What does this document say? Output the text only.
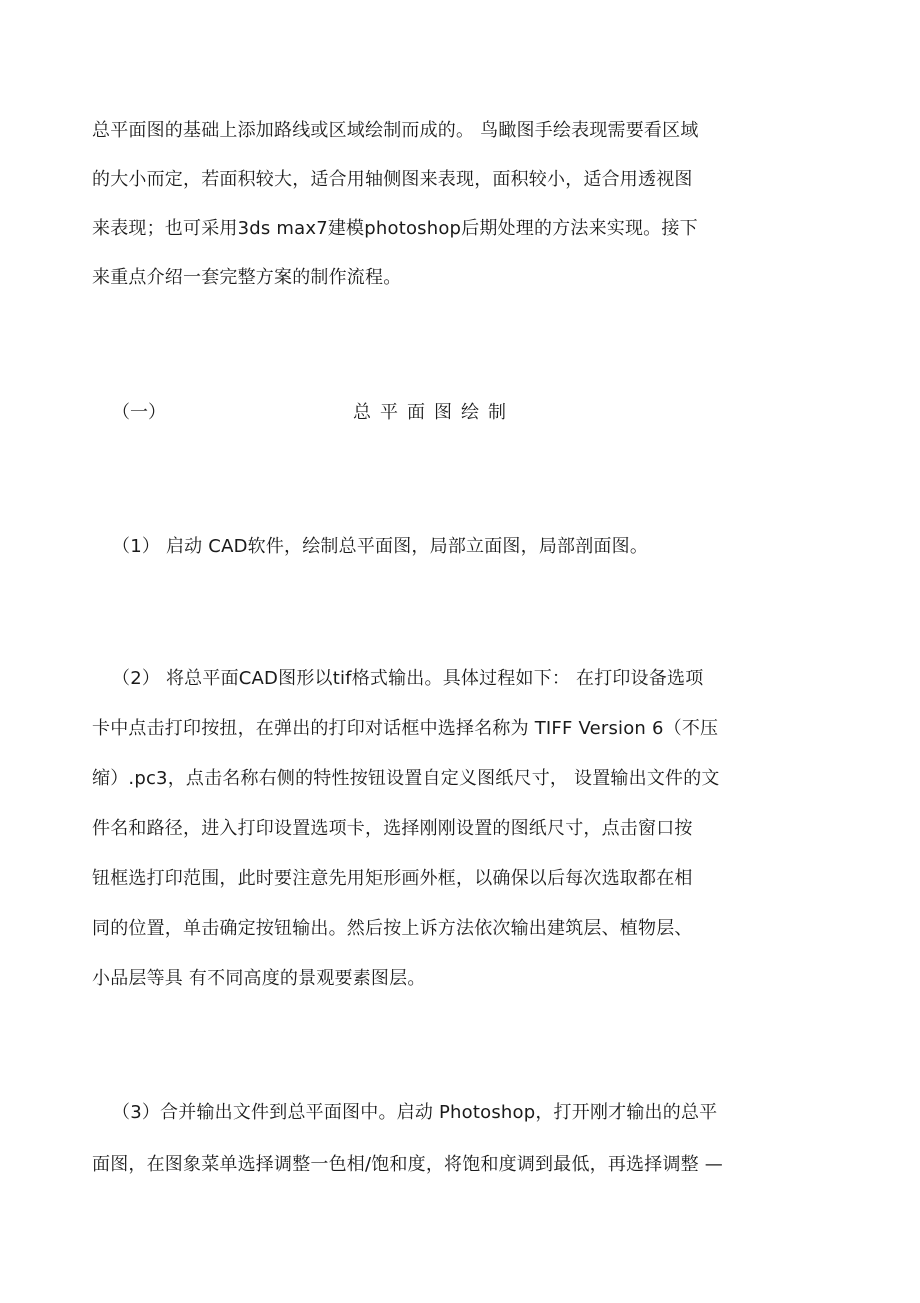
总平面图的基础上添加路线或区域绘制而成的。 鸟瞰图手绘表现需要看区域
的大小而定，若面积较大，适合用轴侧图来表现，面积较小，适合用透视图
来表现；也可采用3ds max7建模photoshop后期处理的方法来实现。接下
来重点介绍一套完整方案的制作流程。
（一）	总平面图绘制
（1） 启动 CAD软件，绘制总平面图，局部立面图，局部剖面图。
（2） 将总平面CAD图形以tif格式输出。具体过程如下： 在打印设备选项
卡中点击打印按扭，在弹出的打印对话框中选择名称为 TIFF Version 6（不压
缩）.pc3，点击名称右侧的特性按钮设置自定义图纸尺寸， 设置输出文件的文
件名和路径，进入打印设置选项卡，选择刚刚设置的图纸尺寸，点击窗口按
钮框选打印范围，此时要注意先用矩形画外框，以确保以后每次选取都在相
同的位置，单击确定按钮输出。然后按上诉方法依次输出建筑层、植物层、
小品层等具 有不同高度的景观要素图层。
（3）合并输出文件到总平面图中。启动 Photoshop，打开刚才输出的总平
面图，在图象菜单选择调整一色相/饱和度，将饱和度调到最低，再选择调整 —
